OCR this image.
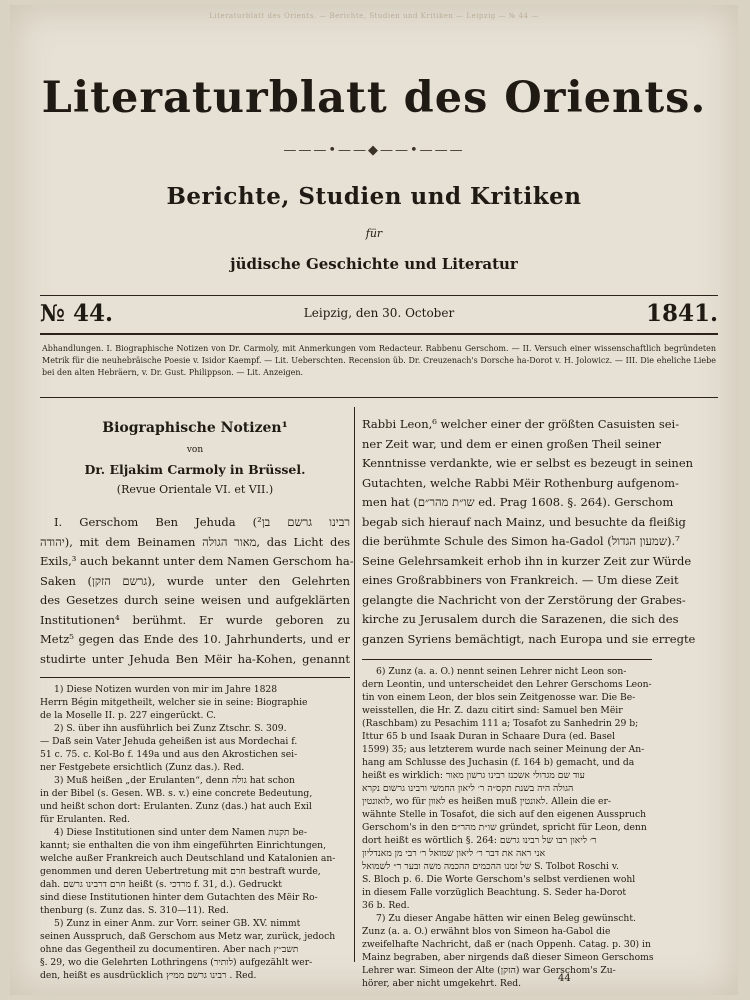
Literaturblatt des Orients. — Berichte, Studien und Kritiken — Leipzig — № 44 —
Literaturblatt des Orients.
———•——◆——•———
Berichte, Studien und Kritiken
für
jüdische Geschichte und Literatur
№ 44.	Leipzig, den 30. October	1841.
Abhandlungen. I. Biographische Notizen von Dr. Carmoly, mit Anmerkungen vom Redacteur. Rabbenu Gerschom. — II. Versuch einer wissenschaftlich begründeten Metrik für die neuhebräische Poesie v. Isidor Kaempf. — Lit. Ueberschten. Recension üb. Dr. Creuzenach's Dorsche ha-Dorot v. H. Jolowicz. — III. Die eheliche Liebe bei den alten Hebräern, v. Dr. Gust. Philippson. — Lit. Anzeigen.
Biographische Notizen¹
von
Dr. Eljakim Carmoly in Brüssel.
(Revue Orientale VI. et VII.)
I. Gerschom Ben Jehuda (רבינו גרשם בן²
יהודה), mit dem Beinamen מאור הגולה, das Licht des
Exils,³ auch bekannt unter dem Namen Gerschom ha-
Saken (גרשם הזקן), wurde unter den Gelehrten
des Gesetzes durch seine weisen und aufgeklärten
Institutionen⁴ berühmt. Er wurde geboren zu
Metz⁵ gegen das Ende des 10. Jahrhunderts, und er
studirte unter Jehuda Ben Mëir ha-Kohen, genannt
1) Diese Notizen wurden von mir im Jahre 1828
Herrn Bégin mitgetheilt, welcher sie in seine: Biographie
de la Moselle II. p. 227 eingerückt. C.
2) S. über ihn ausführlich bei Zunz Ztschr. S. 309.
— Daß sein Vater Jehuda geheißen ist aus Mordechai f.
51 c. 75. c. Kol-Bo f. 149a und aus den Akrostichen sei-
ner Festgebete ersichtlich (Zunz das.). Red.
3) Muß heißen „der Erulanten“, denn גולה hat schon
in der Bibel (s. Gesen. WB. s. v.) eine concrete Bedeutung,
und heißt schon dort: Erulanten. Zunz (das.) hat auch Exil
für Erulanten. Red.
4) Diese Institutionen sind unter dem Namen תקנות be-
kannt; sie enthalten die von ihm eingeführten Einrichtungen,
welche außer Frankreich auch Deutschland und Katalonien an-
genommen und deren Uebertretung mit חרם bestraft wurde,
dah. חרם דרבינו גרשם heißt (s. מרדכי f. 31, d.). Gedruckt
sind diese Institutionen hinter dem Gutachten des Mëir Ro-
thenburg (s. Zunz das. S. 310—11). Red.
5) Zunz in einer Anm. zur Vorr. seiner GB. XV. nimmt
seinen Ausspruch, daß Gerschom aus Metz war, zurück, jedoch
ohne das Gegentheil zu documentiren. Aber nach תשב״ץ
§. 29, wo die Gelehrten Lothringens (לותיר) aufgezählt wer-
den, heißt es ausdrücklich רבינו גרשם ממיץ . Red.
Rabbi Leon,⁶ welcher einer der größten Casuisten sei-
ner Zeit war, und dem er einen großen Theil seiner
Kenntnisse verdankte, wie er selbst es bezeugt in seinen
Gutachten, welche Rabbi Mëir Rothenburg aufgenom-
men hat (שו״ת מהר״ם ed. Prag 1608. §. 264). Gerschom
begab sich hierauf nach Mainz, und besuchte da fleißig
die berühmte Schule des Simon ha-Gadol (שמעון הגדול).⁷
Seine Gelehrsamkeit erhob ihn in kurzer Zeit zur Würde
eines Großrabbiners von Frankreich. — Um diese Zeit
gelangte die Nachricht von der Zerstörung der Grabes-
kirche zu Jerusalem durch die Sarazenen, die sich des
ganzen Syriens bemächtigt, nach Europa und sie erregte
6) Zunz (a. a. O.) nennt seinen Lehrer nicht Leon son-
dern Leontin, und unterscheidet den Lehrer Gerschoms Leon-
tin von einem Leon, der blos sein Zeitgenosse war. Die Be-
weisstellen, die Hr. Z. dazu citirt sind: Samuel ben Mëir
(Raschbam) zu Pesachim 111 a; Tosafot zu Sanhedrin 29 b;
Ittur 65 b und Isaak Duran in Schaare Dura (ed. Basel
1599) 35; aus letzterem wurde nach seiner Meinung der An-
hang am Schlusse des Juchasin (f. 164 b) gemacht, und da
heißt es wirklich: עוד שם מגדולי אשכנז רבינו גרשון מאור
הגולה היה בשנת תקס״ה ר׳ ליאון החמשי ורבינו גרשום נקרא
לואונטין, wo für לאוון es heißen muß לאונטין. Allein die er-
wähnte Stelle in Tosafot, die sich auf den eigenen Ausspruch
Gerschom's in den שו״ת מהר״ם gründet, spricht für Leon, denn
dort heißt es wörtlich §. 264: ר׳ ליאון רבו של רבינו גרשם
אני ראה את דבר ר׳ ליאון שמואל ר׳ רבי מן מאנדליון
של זמנו ההכמים ההכמה משה ובער ר״ לשמואל S. Tolbot Roschi v.
S. Bloch p. 6. Die Worte Gerschom's selbst verdienen wohl
in diesem Falle vorzüglich Beachtung. S. Seder ha-Dorot
36 b. Red.
7) Zu dieser Angabe hätten wir einen Beleg gewünscht.
Zunz (a. a. O.) erwähnt blos von Simeon ha-Gabol die
zweifelhafte Nachricht, daß er (nach Oppenh. Catag. p. 30) in
Mainz begraben, aber nirgends daß dieser Simeon Gerschoms
Lehrer war. Simeon der Alte (הזקן) war Gerschom's Zu-
hörer, aber nicht umgekehrt. Red.	44
